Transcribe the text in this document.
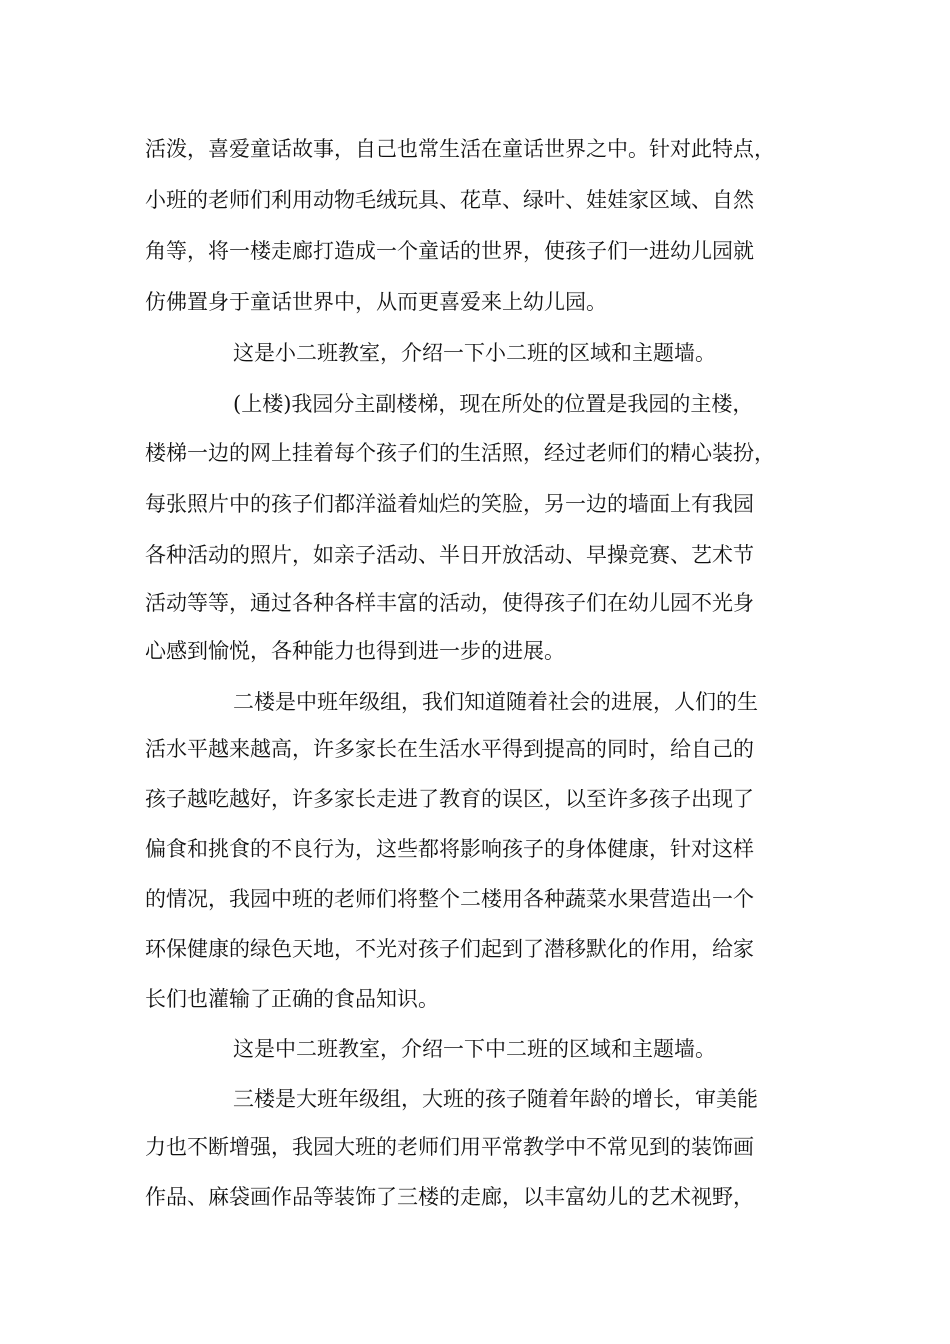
活泼，喜爱童话故事，自己也常生活在童话世界之中。针对此特点，

小班的老师们利用动物毛绒玩具、花草、绿叶、娃娃家区域、自然

角等，将一楼走廊打造成一个童话的世界，使孩子们一进幼儿园就

仿佛置身于童话世界中，从而更喜爱来上幼儿园。

这是小二班教室，介绍一下小二班的区域和主题墙。

(上楼)我园分主副楼梯，现在所处的位置是我园的主楼，

楼梯一边的网上挂着每个孩子们的生活照，经过老师们的精心装扮，

每张照片中的孩子们都洋溢着灿烂的笑脸，另一边的墙面上有我园

各种活动的照片，如亲子活动、半日开放活动、早操竞赛、艺术节

活动等等，通过各种各样丰富的活动，使得孩子们在幼儿园不光身

心感到愉悦，各种能力也得到进一步的进展。

二楼是中班年级组，我们知道随着社会的进展，人们的生

活水平越来越高，许多家长在生活水平得到提高的同时，给自己的

孩子越吃越好，许多家长走进了教育的误区，以至许多孩子出现了

偏食和挑食的不良行为，这些都将影响孩子的身体健康，针对这样

的情况，我园中班的老师们将整个二楼用各种蔬菜水果营造出一个

环保健康的绿色天地，不光对孩子们起到了潜移默化的作用，给家

长们也灌输了正确的食品知识。

这是中二班教室，介绍一下中二班的区域和主题墙。

三楼是大班年级组，大班的孩子随着年龄的增长，审美能

力也不断增强，我园大班的老师们用平常教学中不常见到的装饰画

作品、麻袋画作品等装饰了三楼的走廊，以丰富幼儿的艺术视野，
